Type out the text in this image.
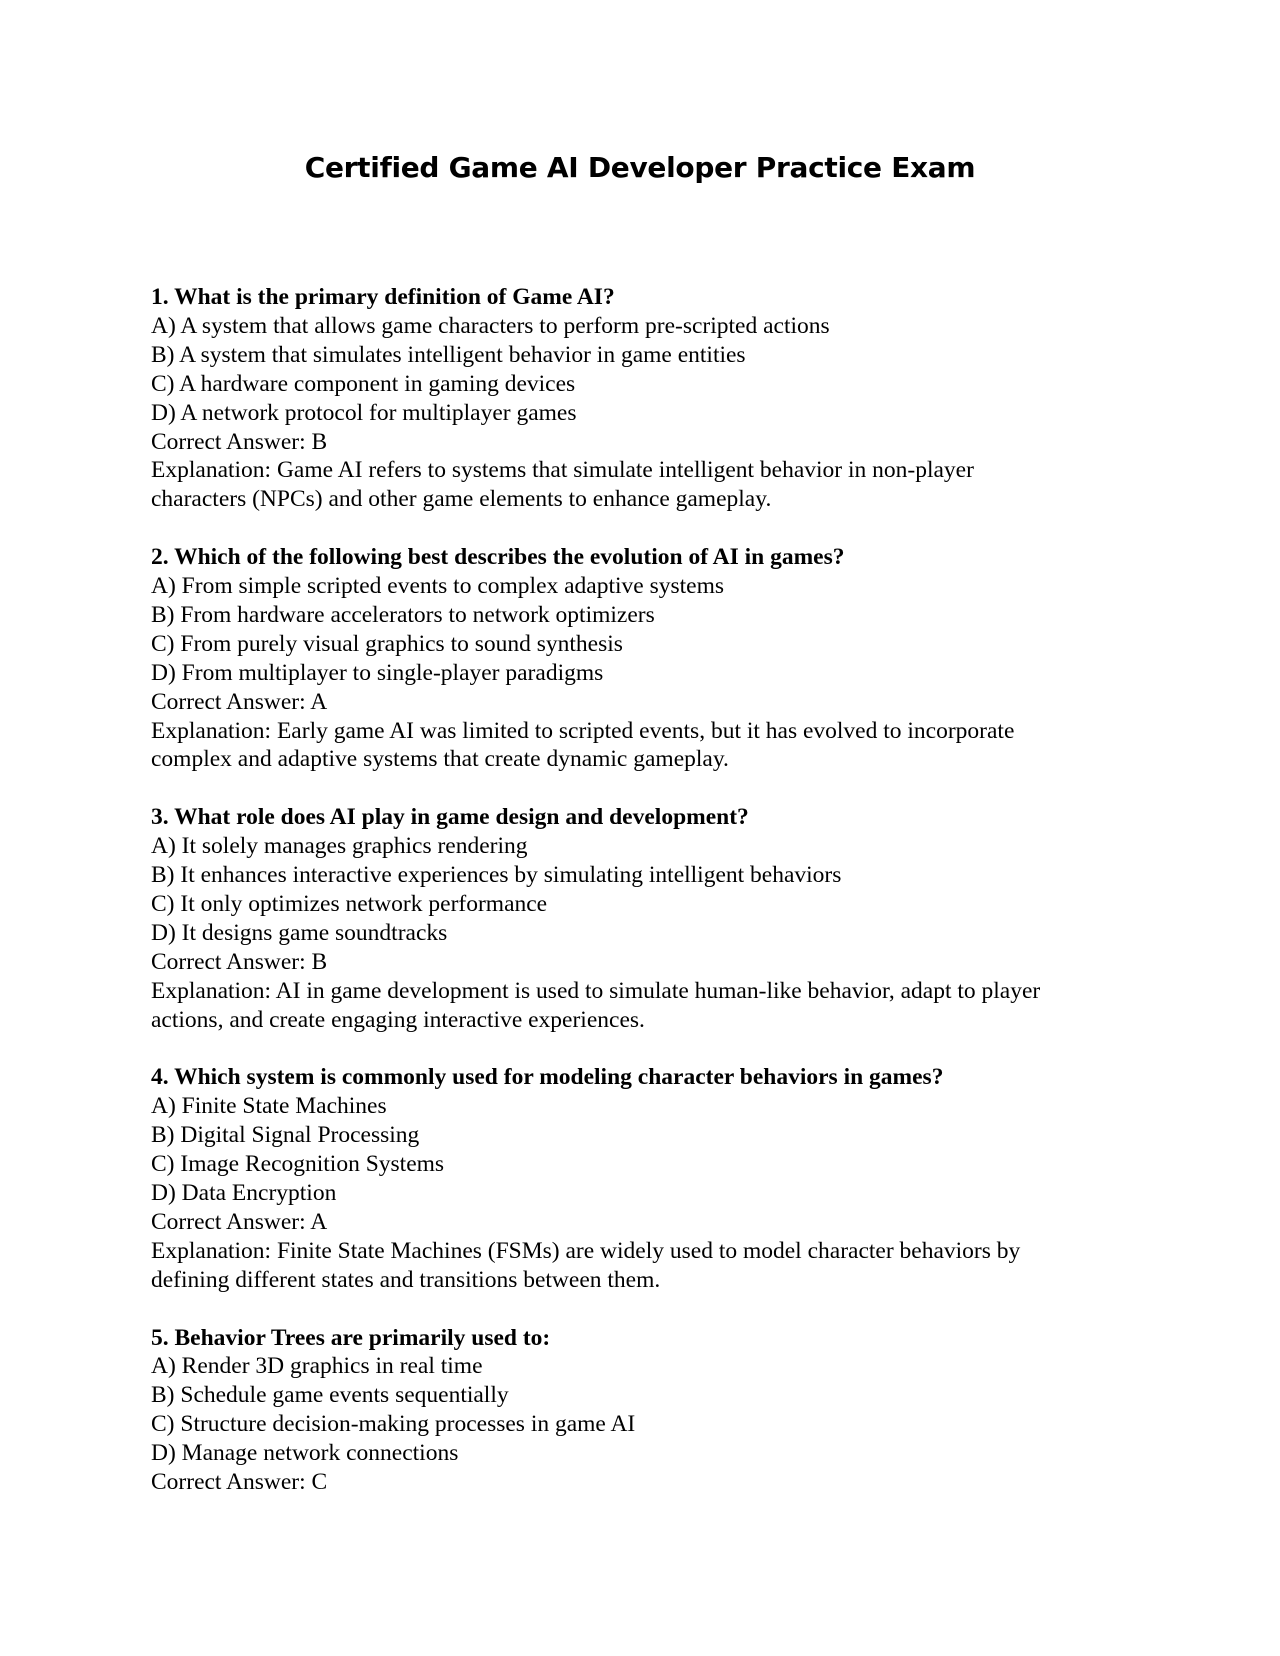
Certified Game AI Developer Practice Exam

1. What is the primary definition of Game AI?

A) A system that allows game characters to perform pre-scripted actions

B) A system that simulates intelligent behavior in game entities

C) A hardware component in gaming devices

D) A network protocol for multiplayer games

Correct Answer: B

Explanation: Game AI refers to systems that simulate intelligent behavior in non-player

characters (NPCs) and other game elements to enhance gameplay.

2. Which of the following best describes the evolution of AI in games?

A) From simple scripted events to complex adaptive systems

B) From hardware accelerators to network optimizers

C) From purely visual graphics to sound synthesis

D) From multiplayer to single-player paradigms

Correct Answer: A

Explanation: Early game AI was limited to scripted events, but it has evolved to incorporate

complex and adaptive systems that create dynamic gameplay.

3. What role does AI play in game design and development?

A) It solely manages graphics rendering

B) It enhances interactive experiences by simulating intelligent behaviors

C) It only optimizes network performance

D) It designs game soundtracks

Correct Answer: B

Explanation: AI in game development is used to simulate human-like behavior, adapt to player

actions, and create engaging interactive experiences.

4. Which system is commonly used for modeling character behaviors in games?

A) Finite State Machines

B) Digital Signal Processing

C) Image Recognition Systems

D) Data Encryption

Correct Answer: A

Explanation: Finite State Machines (FSMs) are widely used to model character behaviors by

defining different states and transitions between them.

5. Behavior Trees are primarily used to:

A) Render 3D graphics in real time

B) Schedule game events sequentially

C) Structure decision-making processes in game AI

D) Manage network connections

Correct Answer: C
